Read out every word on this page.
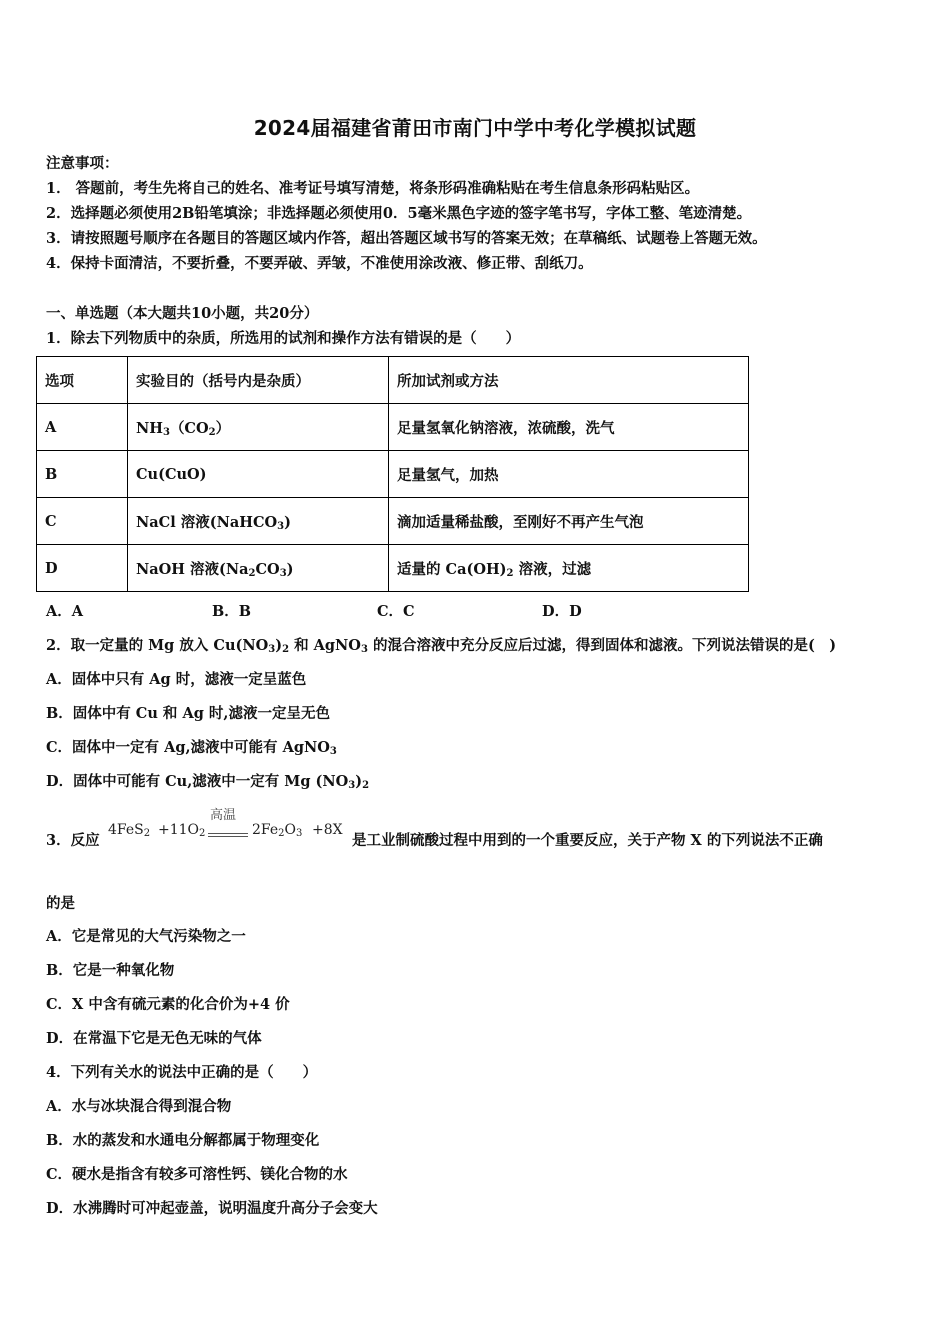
2024届福建省莆田市南门中学中考化学模拟试题
注意事项：
1． 答题前，考生先将自己的姓名、准考证号填写清楚，将条形码准确粘贴在考生信息条形码粘贴区。
2．选择题必须使用2B铅笔填涂；非选择题必须使用0．5毫米黑色字迹的签字笔书写，字体工整、笔迹清楚。
3．请按照题号顺序在各题目的答题区域内作答，超出答题区域书写的答案无效；在草稿纸、试题卷上答题无效。
4．保持卡面清洁，不要折叠，不要弄破、弄皱，不准使用涂改液、修正带、刮纸刀。
一、单选题（本大题共10小题，共20分）
1．除去下列物质中的杂质，所选用的试剂和操作方法有错误的是（　　）
选项	实验目的（括号内是杂质）	所加试剂或方法
A	$NH_3(CO_2)$	足量氢氧化钠溶液，浓硫酸，洗气
B	Cu(CuO)	足量氢气，加热
C	NaCl 溶液(NaHCO$_3$)	滴加适量稀盐酸，至刚好不再产生气泡
D	NaOH 溶液$(Na_2CO_3)$	适量的 $Ca(OH)_2$ 溶液，过滤
A．A	B．B	C．C	D．D
2．取一定量的 Mg 放入 $Cu(NO_3)_2$ 和 AgNO$_3$ 的混合溶液中充分反应后过滤，得到固体和滤液。下列说法错误的是(　)
A．固体中只有 Ag 时，滤液一定呈蓝色
B．固体中有 Cu 和 Ag 时,滤液一定呈无色
C．固体中一定有 Ag,滤液中可能有 AgNO$_3$
D．固体中可能有 Cu,滤液中一定有 Mg $(NO_3)_2$
3．反应
$4FeS_2 +11O_2$
高温
$2Fe_2O_3 +8X$
是工业制硫酸过程中用到的一个重要反应，关于产物 X 的下列说法不正确
的是
A．它是常见的大气污染物之一
B．它是一种氧化物
C．X 中含有硫元素的化合价为+4 价
D．在常温下它是无色无味的气体
4．下列有关水的说法中正确的是（　　）
A．水与冰块混合得到混合物
B．水的蒸发和水通电分解都属于物理变化
C．硬水是指含有较多可溶性钙、镁化合物的水
D．水沸腾时可冲起壶盖，说明温度升高分子会变大
